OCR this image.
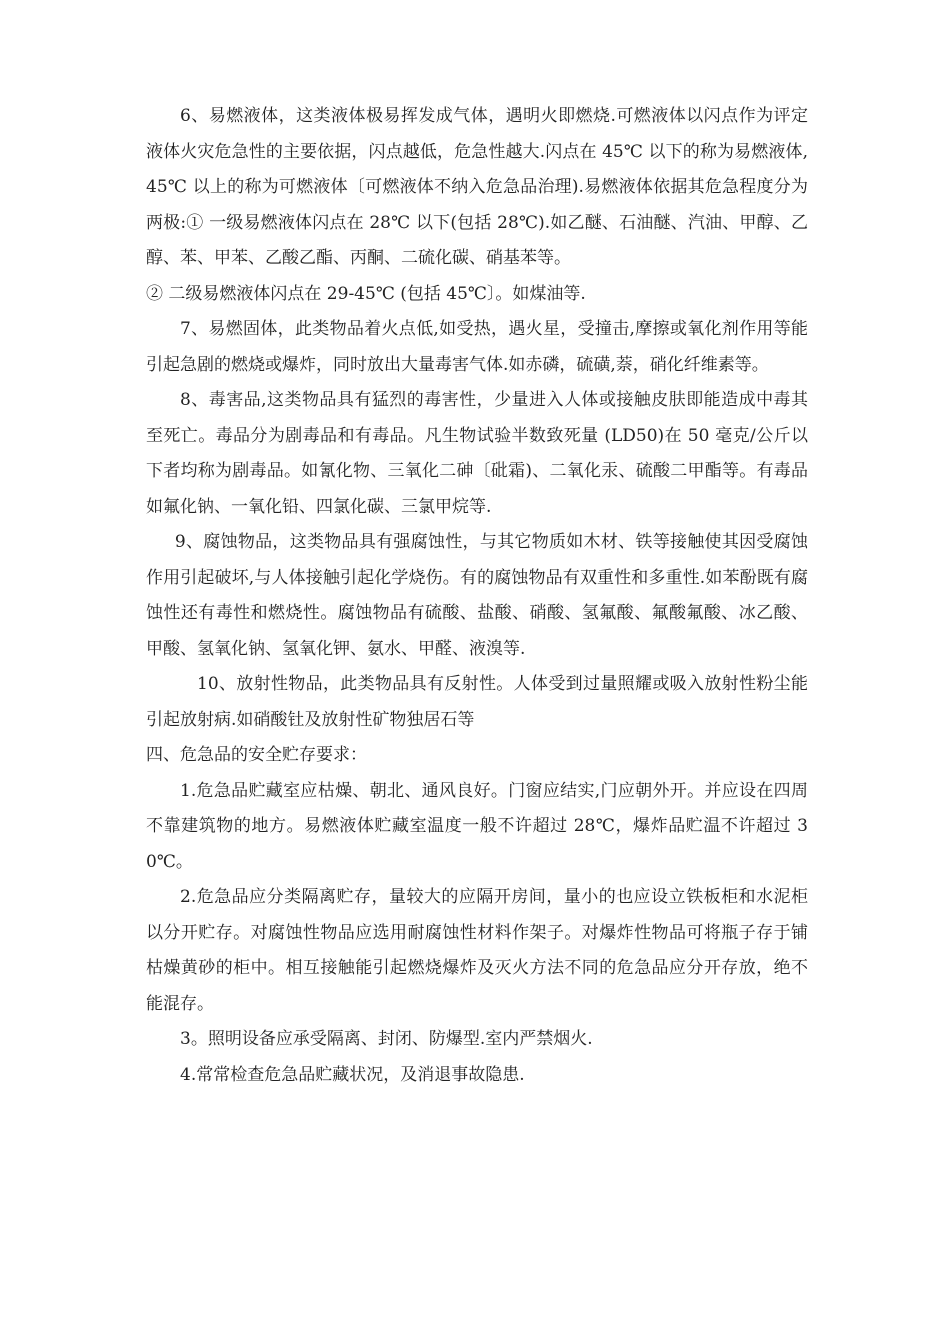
6、易燃液体，这类液体极易挥发成气体，遇明火即燃烧.可燃液体以闪点作为评定液体火灾危急性的主要依据，闪点越低，危急性越大.闪点在 45℃ 以下的称为易燃液体,45℃ 以上的称为可燃液体〔可燃液体不纳入危急品治理).易燃液体依据其危急程度分为两极:① 一级易燃液体闪点在 28℃ 以下(包括 28℃).如乙醚、石油醚、汽油、甲醇、乙醇、苯、甲苯、乙酸乙酯、丙酮、二硫化碳、硝基苯等。

② 二级易燃液体闪点在 29-45℃ (包括 45℃〕。如煤油等.

7、易燃固体，此类物品着火点低,如受热，遇火星，受撞击,摩擦或氧化剂作用等能引起急剧的燃烧或爆炸，同时放出大量毒害气体.如赤磷，硫磺,萘，硝化纤维素等。

8、毒害品,这类物品具有猛烈的毒害性，少量进入人体或接触皮肤即能造成中毒其至死亡。毒品分为剧毒品和有毒品。凡生物试验半数致死量 (LD50)在 50 毫克/公斤以下者均称为剧毒品。如氰化物、三氧化二砷〔砒霜)、二氧化汞、硫酸二甲酯等。有毒品如氟化钠、一氧化铅、四氯化碳、三氯甲烷等.

9、腐蚀物品，这类物品具有强腐蚀性，与其它物质如木材、铁等接触使其因受腐蚀作用引起破坏,与人体接触引起化学烧伤。有的腐蚀物品有双重性和多重性.如苯酚既有腐蚀性还有毒性和燃烧性。腐蚀物品有硫酸、盐酸、硝酸、氢氟酸、氟酸氟酸、冰乙酸、甲酸、氢氧化钠、氢氧化钾、氨水、甲醛、液溴等.

10、放射性物品，此类物品具有反射性。人体受到过量照耀或吸入放射性粉尘能引起放射病.如硝酸钍及放射性矿物独居石等

四、危急品的安全贮存要求：

1.危急品贮藏室应枯燥、朝北、通风良好。门窗应结实,门应朝外开。并应设在四周不靠建筑物的地方。易燃液体贮藏室温度一般不许超过 28℃，爆炸品贮温不许超过 30℃。

2.危急品应分类隔离贮存，量较大的应隔开房间，量小的也应设立铁板柜和水泥柜以分开贮存。对腐蚀性物品应选用耐腐蚀性材料作架子。对爆炸性物品可将瓶子存于铺枯燥黄砂的柜中。相互接触能引起燃烧爆炸及灭火方法不同的危急品应分开存放，绝不能混存。

3。照明设备应承受隔离、封闭、防爆型.室内严禁烟火.

4.常常检查危急品贮藏状况，及消退事故隐患.
